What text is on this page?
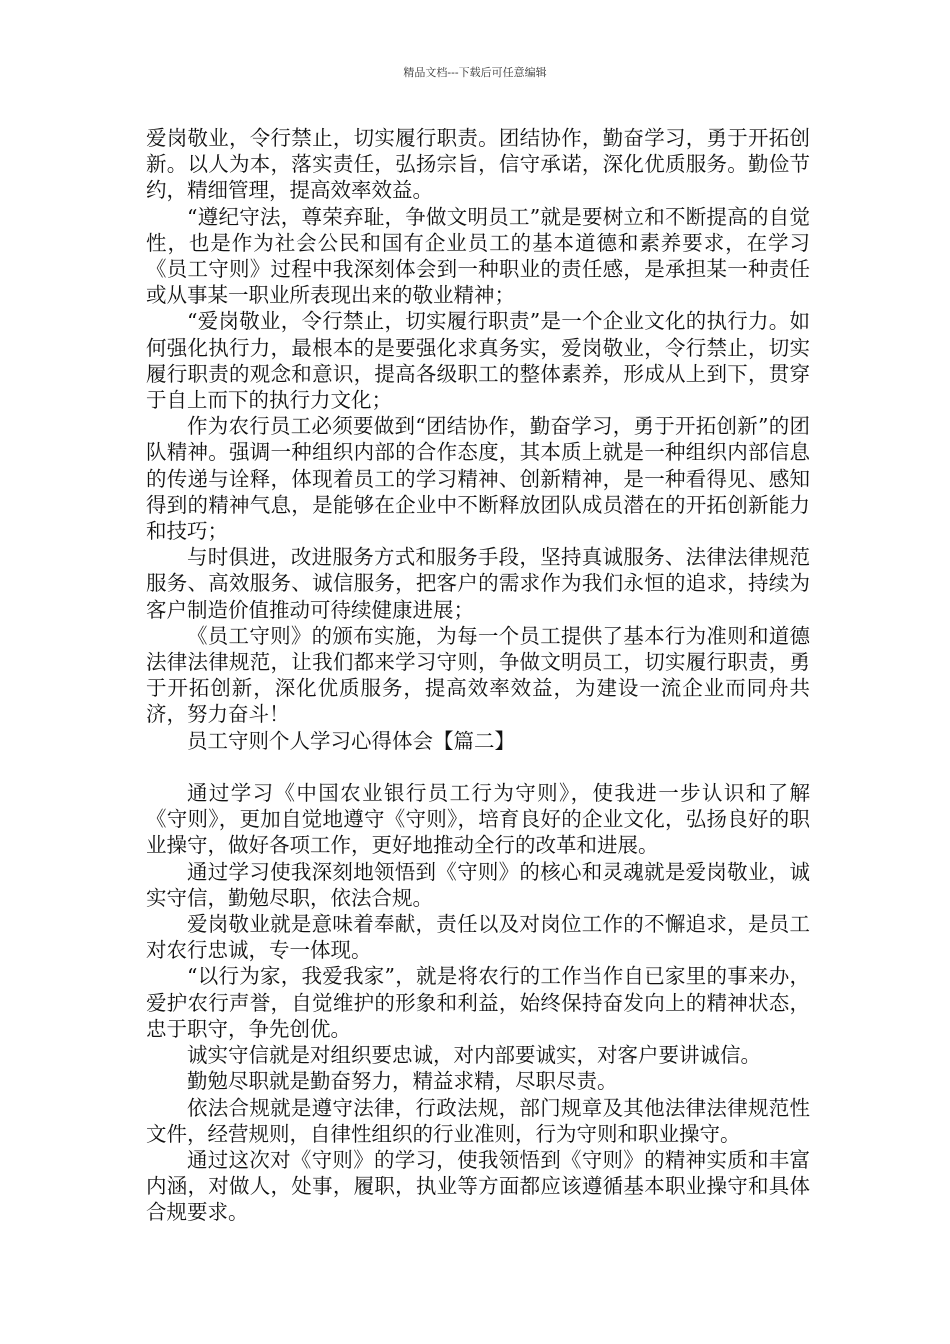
精品文档---下载后可任意编辑

爱岗敬业，令行禁止，切实履行职责。团结协作，勤奋学习，勇于开拓创新。以人为本，落实责任，弘扬宗旨，信守承诺，深化优质服务。勤俭节约，精细管理，提高效率效益。

“遵纪守法，尊荣弃耻，争做文明员工”就是要树立和不断提高的自觉性，也是作为社会公民和国有企业员工的基本道德和素养要求，在学习《员工守则》过程中我深刻体会到一种职业的责任感，是承担某一种责任或从事某一职业所表现出来的敬业精神；

“爱岗敬业，令行禁止，切实履行职责”是一个企业文化的执行力。如何强化执行力，最根本的是要强化求真务实，爱岗敬业，令行禁止，切实履行职责的观念和意识，提高各级职工的整体素养，形成从上到下，贯穿于自上而下的执行力文化；

作为农行员工必须要做到“团结协作，勤奋学习，勇于开拓创新”的团队精神。强调一种组织内部的合作态度，其本质上就是一种组织内部信息的传递与诠释，体现着员工的学习精神、创新精神，是一种看得见、感知得到的精神气息，是能够在企业中不断释放团队成员潜在的开拓创新能力和技巧；

与时俱进，改进服务方式和服务手段，坚持真诚服务、法律法律规范服务、高效服务、诚信服务，把客户的需求作为我们永恒的追求，持续为客户制造价值推动可待续健康进展；

《员工守则》的颁布实施，为每一个员工提供了基本行为准则和道德法律法律规范，让我们都来学习守则，争做文明员工，切实履行职责，勇于开拓创新，深化优质服务，提高效率效益，为建设一流企业而同舟共济，努力奋斗！

员工守则个人学习心得体会【篇二】

通过学习《中国农业银行员工行为守则》，使我进一步认识和了解《守则》，更加自觉地遵守《守则》，培育良好的企业文化，弘扬良好的职业操守，做好各项工作，更好地推动全行的改革和进展。

通过学习使我深刻地领悟到《守则》的核心和灵魂就是爱岗敬业，诚实守信，勤勉尽职，依法合规。

爱岗敬业就是意味着奉献，责任以及对岗位工作的不懈追求，是员工对农行忠诚，专一体现。

“以行为家，我爱我家”，就是将农行的工作当作自已家里的事来办，爱护农行声誉，自觉维护的形象和利益，始终保持奋发向上的精神状态，忠于职守，争先创优。

诚实守信就是对组织要忠诚，对内部要诚实，对客户要讲诚信。

勤勉尽职就是勤奋努力，精益求精，尽职尽责。

依法合规就是遵守法律，行政法规，部门规章及其他法律法律规范性文件，经营规则，自律性组织的行业准则，行为守则和职业操守。

通过这次对《守则》的学习，使我领悟到《守则》的精神实质和丰富内涵，对做人，处事，履职，执业等方面都应该遵循基本职业操守和具体合规要求。
